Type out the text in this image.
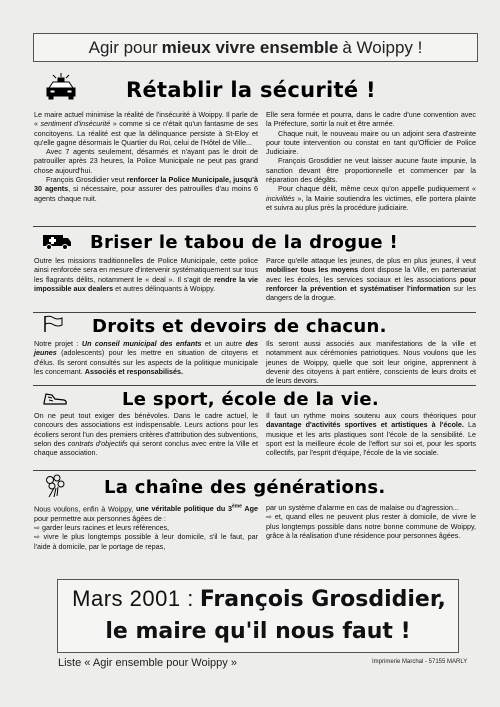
Agir pour mieux vivre ensemble à Woippy !
Rétablir la sécurité !

Le maire actuel minimise la réalité de l'insécurité à Woippy. Il parle de « sentiment d'insécurité » comme si ce n'était qu'un fantasme de ses concitoyens. La réalité est que la délinquance persiste à St-Eloy et qu'elle gagne désormais le Quartier du Roi, celui de l'Hôtel de Ville...

Avec 7 agents seulement, désarmés et n'ayant pas le droit de patrouiller après 23 heures, la Police Municipale ne peut pas grand chose aujourd'hui.

François Grosdidier veut renforcer la Police Municipale, jusqu'à 30 agents, si nécessaire, pour assurer des patrouilles d'au moins 6 agents chaque nuit.

Elle sera formée et pourra, dans le cadre d'une convention avec la Préfecture, sortir la nuit et être armée.

Chaque nuit, le nouveau maire ou un adjoint sera d'astreinte pour toute intervention ou constat en tant qu'Officier de Police Judiciaire.

François Grosdidier ne veut laisser aucune faute impunie, la sanction devant être proportionnelle et commencer par la réparation des dégâts.

Pour chaque délit, même ceux qu'on appelle pudiquement « incivilités », la Mairie soutiendra les victimes, elle portera plainte et suivra au plus près la procédure judiciaire.

Briser le tabou de la drogue !

Outre les missions traditionnelles de Police Municipale, cette police ainsi renforcée sera en mesure d'intervenir systématiquement sur tous les flagrants délits, notamment le « deal ». Il s'agit de rendre la vie impossible aux dealers et autres délinquants à Woippy.

Parce qu'elle attaque les jeunes, de plus en plus jeunes, il veut mobiliser tous les moyens dont dispose la Ville, en partenariat avec les écoles, les services sociaux et les associations pour renforcer la prévention et systématiser l'information sur les dangers de la drogue.

Droits et devoirs de chacun.

Notre projet : Un conseil municipal des enfants et un autre des jeunes (adolescents) pour les mettre en situation de citoyens et d'élus. Ils seront consultés sur les aspects de la politique municipale les concernant. Associés et responsabilisés.

Ils seront aussi associés aux manifestations de la ville et notamment aux cérémonies patriotiques. Nous voulons que les jeunes de Woippy, quelle que soit leur origine, apprennent à devenir des citoyens à part entière, conscients de leurs droits et de leurs devoirs.

Le sport, école de la vie.

On ne peut tout exiger des bénévoles. Dans le cadre actuel, le concours des associations est indispensable. Leurs actions pour les écoliers seront l'un des premiers critères d'attribution des subventions, selon des contrats d'objectifs qui seront conclus avec entre la Ville et chaque association.

Il faut un rythme moins soutenu aux cours théoriques pour davantage d'activités sportives et artistiques à l'école. La musique et les arts plastiques sont l'école de la sensibilité. Le sport est la meilleure école de l'effort sur soi et, pour les sports collectifs, par l'esprit d'équipe, l'école de la vie sociale.

La chaîne des générations.

Nous voulons, enfin à Woippy, une véritable politique du 3ème Age pour permettre aux personnes âgées de :

⇨ garder leurs racines et leurs références,
⇨ vivre le plus longtemps possible à leur domicile, s'il le faut, par l'aide à domicile, par le portage de repas,
par un système d'alarme en cas de malaise ou d'agression...
⇨ et, quand elles ne peuvent plus rester à domicile, de vivre le plus longtemps possible dans notre bonne commune de Woippy, grâce à la réalisation d'une résidence pour personnes âgées.
Mars 2001 : François Grosdidier,
le maire qu'il nous faut !
Liste « Agir ensemble pour Woippy »	Imprimerie Marchal - 57155 MARLY
